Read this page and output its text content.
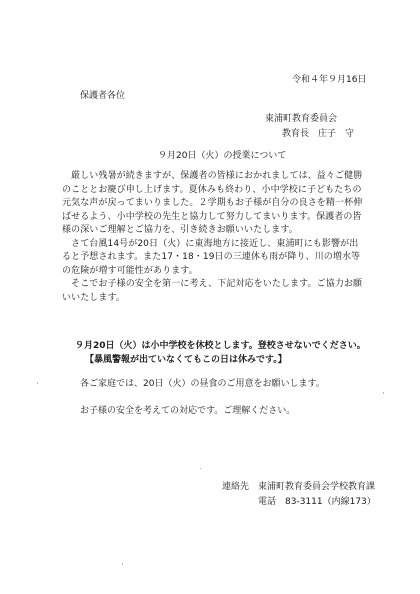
令和４年９月16日
保護者各位
東浦町教育委員会
教育長　庄子　守
９月20日（火）の授業について

　厳しい残暑が続きますが、保護者の皆様におかれましては、益々ご健勝のこととお慶び申し上げます。夏休みも終わり、小中学校に子どもたちの元気な声が戻ってまいりました。２学期もお子様が自分の良さを精一杯伸ばせるよう、小中学校の先生と協力して努力してまいります。保護者の皆様の深いご理解とご協力を、引き続きお願いいたします。

　さて台風14号が20日（火）に東海地方に接近し、東浦町にも影響が出ると予想されます。また17・18・19日の三連休も雨が降り、川の増水等の危険が増す可能性があります。

　そこでお子様の安全を第一に考え、下記対応をいたします。ご協力お願いいたします。

９月20日（火）は小中学校を休校とします。登校させないでください。
【暴風警報が出ていなくてもこの日は休みです。】
各ご家庭では、20日（火）の昼食のご用意をお願いします。
お子様の安全を考えての対応です。ご理解ください。
連絡先 東浦町教育委員会学校教育課
電話　83-3111（内線173）
